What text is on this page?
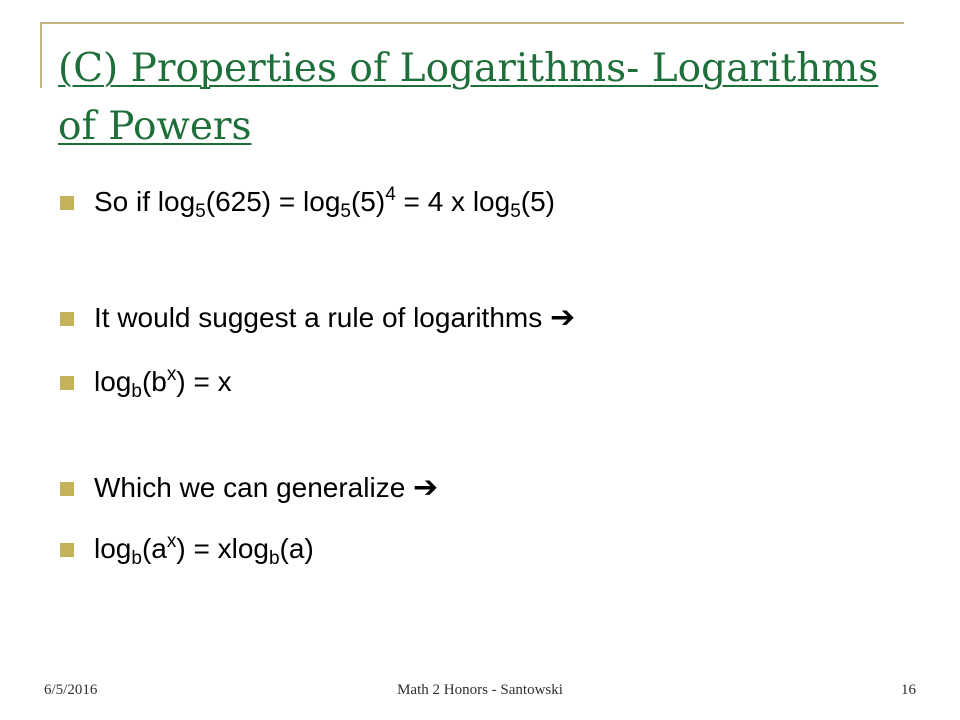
(C) Properties of Logarithms- Logarithms of Powers
So if $\log_5(625) = \log_5(5)^4 = 4$ x $\log_5(5)$
It would suggest a rule of logarithms ➔
$\log_b(b^x) = x$
Which we can generalize ➔
$\log_b(a^x) = xlog_b(a)$
6/5/2016	Math 2 Honors - Santowski	16
